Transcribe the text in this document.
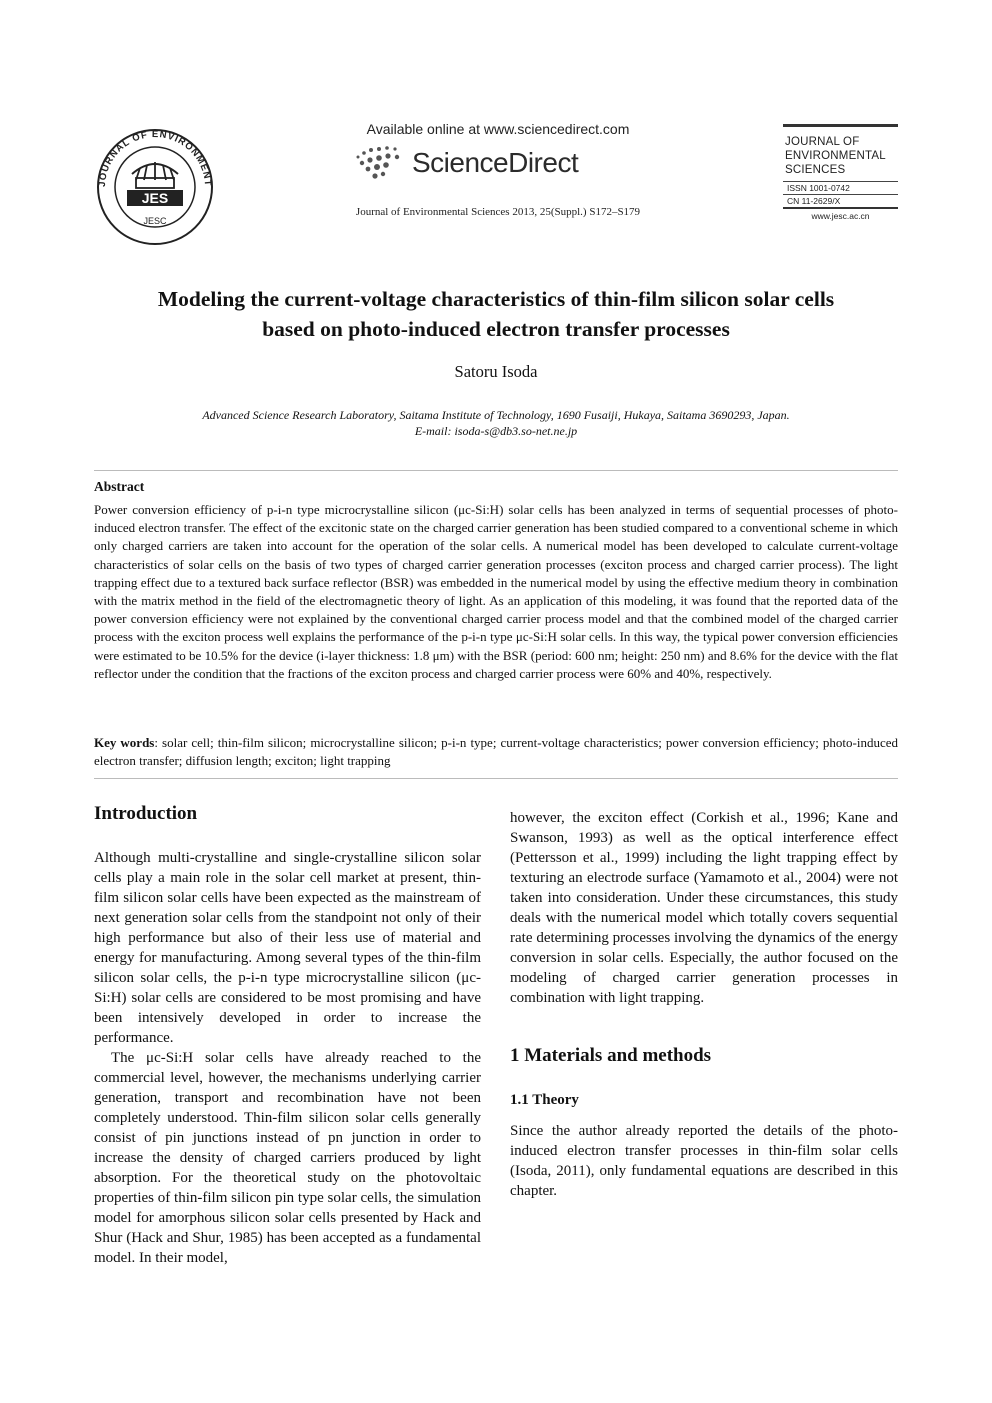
JOURNAL OF ENVIRONMENT
JES
JESC
Available online at www.sciencedirect.com
ScienceDirect
Journal of Environmental Sciences 2013, 25(Suppl.) S172–S179
JOURNAL OF
ENVIRONMENTAL
SCIENCES
ISSN 1001-0742
CN 11-2629/X
www.jesc.ac.cn
Modeling the current-voltage characteristics of thin-film silicon solar cells
based on photo-induced electron transfer processes
Satoru Isoda
Advanced Science Research Laboratory, Saitama Institute of Technology, 1690 Fusaiji, Hukaya, Saitama 3690293, Japan.
E-mail: isoda-s@db3.so-net.ne.jp
Abstract
Power conversion efficiency of p-i-n type microcrystalline silicon (μc-Si:H) solar cells has been analyzed in terms of sequential processes of photo-induced electron transfer. The effect of the excitonic state on the charged carrier generation has been studied compared to a conventional scheme in which only charged carriers are taken into account for the operation of the solar cells. A numerical model has been developed to calculate current-voltage characteristics of solar cells on the basis of two types of charged carrier generation processes (exciton process and charged carrier process). The light trapping effect due to a textured back surface reflector (BSR) was embedded in the numerical model by using the effective medium theory in combination with the matrix method in the field of the electromagnetic theory of light. As an application of this modeling, it was found that the reported data of the power conversion efficiency were not explained by the conventional charged carrier process model and that the combined model of the charged carrier process with the exciton process well explains the performance of the p-i-n type μc-Si:H solar cells. In this way, the typical power conversion efficiencies were estimated to be 10.5% for the device (i-layer thickness: 1.8 μm) with the BSR (period: 600 nm; height: 250 nm) and 8.6% for the device with the flat reflector under the condition that the fractions of the exciton process and charged carrier process were 60% and 40%, respectively.
Key words: solar cell; thin-film silicon; microcrystalline silicon; p-i-n type; current-voltage characteristics; power conversion efficiency; photo-induced electron transfer; diffusion length; exciton; light trapping
Introduction

Although multi-crystalline and single-crystalline silicon solar cells play a main role in the solar cell market at present, thin-film silicon solar cells have been expected as the mainstream of next generation solar cells from the standpoint not only of their high performance but also of their less use of material and energy for manufacturing. Among several types of the thin-film silicon solar cells, the p-i-n type microcrystalline silicon (μc-Si:H) solar cells are considered to be most promising and have been intensively developed in order to increase the performance.

The μc-Si:H solar cells have already reached to the commercial level, however, the mechanisms underlying carrier generation, transport and recombination have not been completely understood. Thin-film silicon solar cells generally consist of pin junctions instead of pn junction in order to increase the density of charged carriers produced by light absorption. For the theoretical study on the photovoltaic properties of thin-film silicon pin type solar cells, the simulation model for amorphous silicon solar cells presented by Hack and Shur (Hack and Shur, 1985) has been accepted as a fundamental model. In their model,

however, the exciton effect (Corkish et al., 1996; Kane and Swanson, 1993) as well as the optical interference effect (Pettersson et al., 1999) including the light trapping effect by texturing an electrode surface (Yamamoto et al., 2004) were not taken into consideration. Under these circumstances, this study deals with the numerical model which totally covers sequential rate determining processes involving the dynamics of the energy conversion in solar cells. Especially, the author focused on the modeling of charged carrier generation processes in combination with light trapping.

1 Materials and methods
1.1 Theory

Since the author already reported the details of the photo-induced electron transfer processes in thin-film solar cells (Isoda, 2011), only fundamental equations are described in this chapter.
